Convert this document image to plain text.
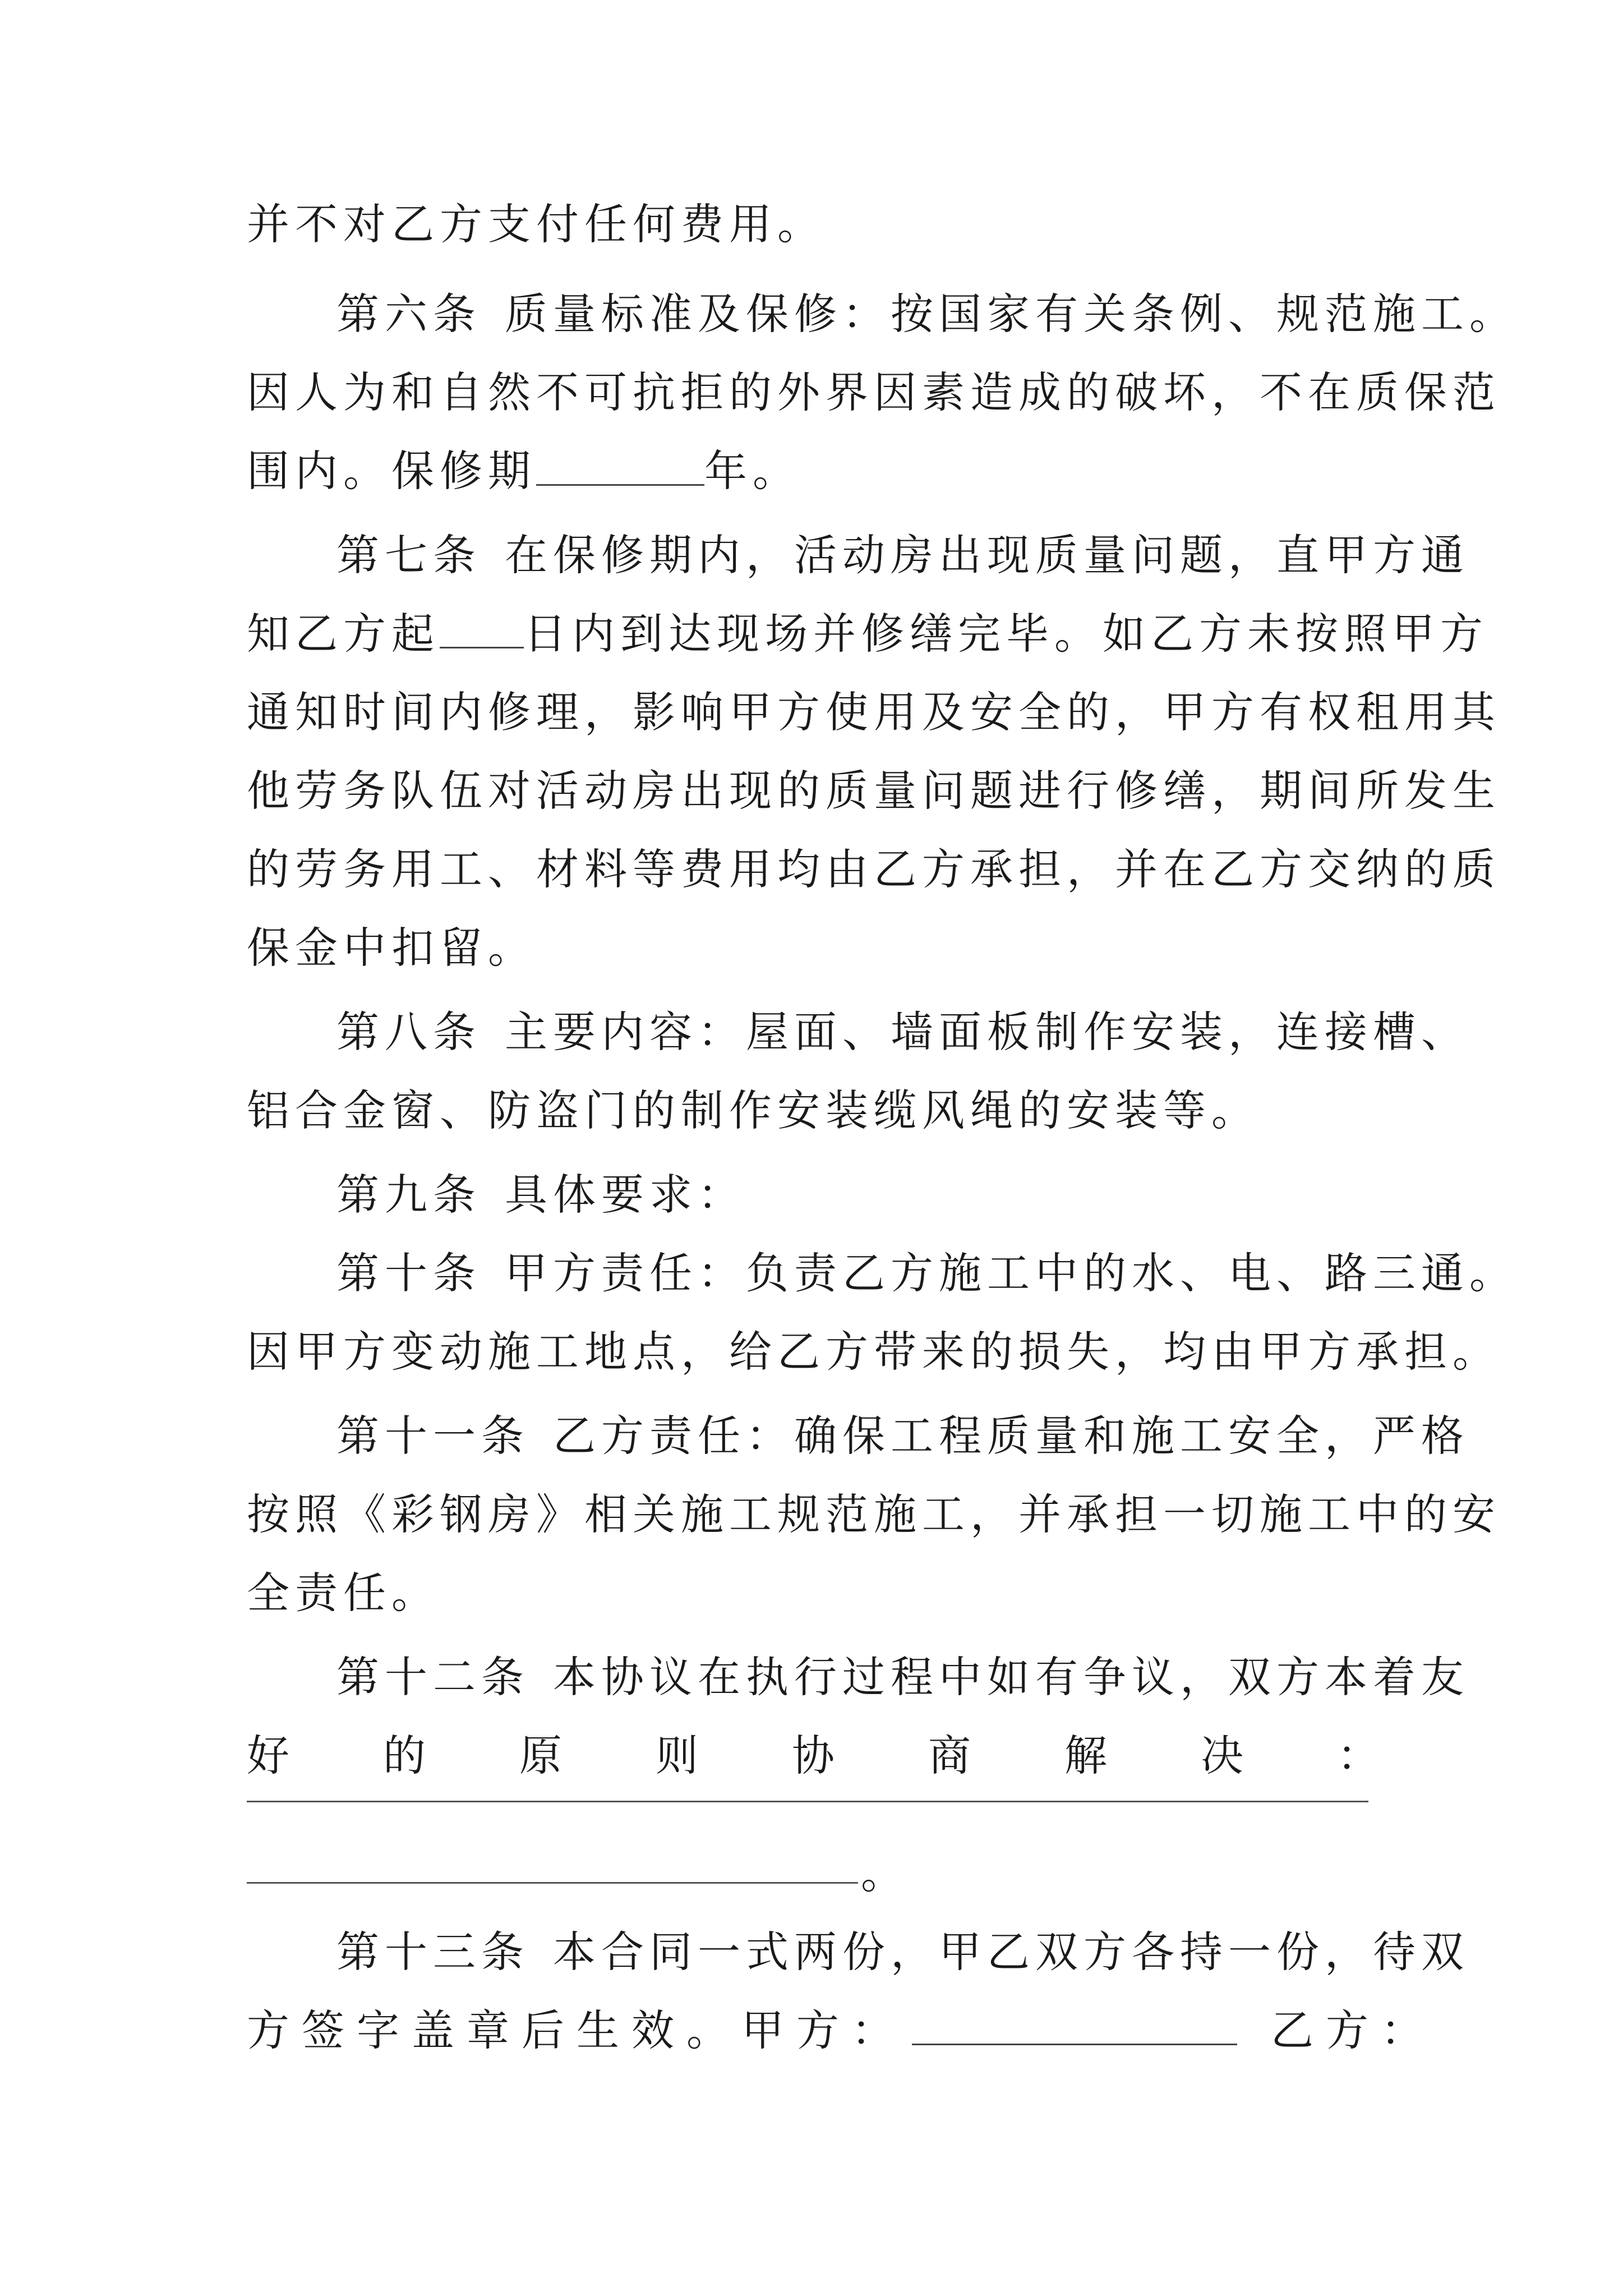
并不对乙方支付任何费用。
第六条 质量标准及保修：按国家有关条例、规范施工。
因人为和自然不可抗拒的外界因素造成的破坏，不在质保范
围内。保修期	年。
第七条 在保修期内，活动房出现质量问题，直甲方通
知乙方起 日内到达现场并修缮完毕。如乙方未按照甲方
通知时间内修理，影响甲方使用及安全的，甲方有权租用其
他劳务队伍对活动房出现的质量问题进行修缮，期间所发生
的劳务用工、材料等费用均由乙方承担，并在乙方交纳的质
保金中扣留。
第八条 主要内容：屋面、墙面板制作安装，连接槽、
铝合金窗、防盗门的制作安装缆风绳的安装等。
第九条 具体要求：
第十条 甲方责任：负责乙方施工中的水、电、路三通。
因甲方变动施工地点，给乙方带来的损失，均由甲方承担。
第十一条 乙方责任：确保工程质量和施工安全，严格
按照《彩钢房》相关施工规范施工，并承担一切施工中的安
全责任。
第十二条 本协议在执行过程中如有争议，双方本着友
好 的 原 则 协 商 解 决 ：
。
第十三条 本合同一式两份，甲乙双方各持一份，待双
方签字盖章后生效。甲方：	乙方：
